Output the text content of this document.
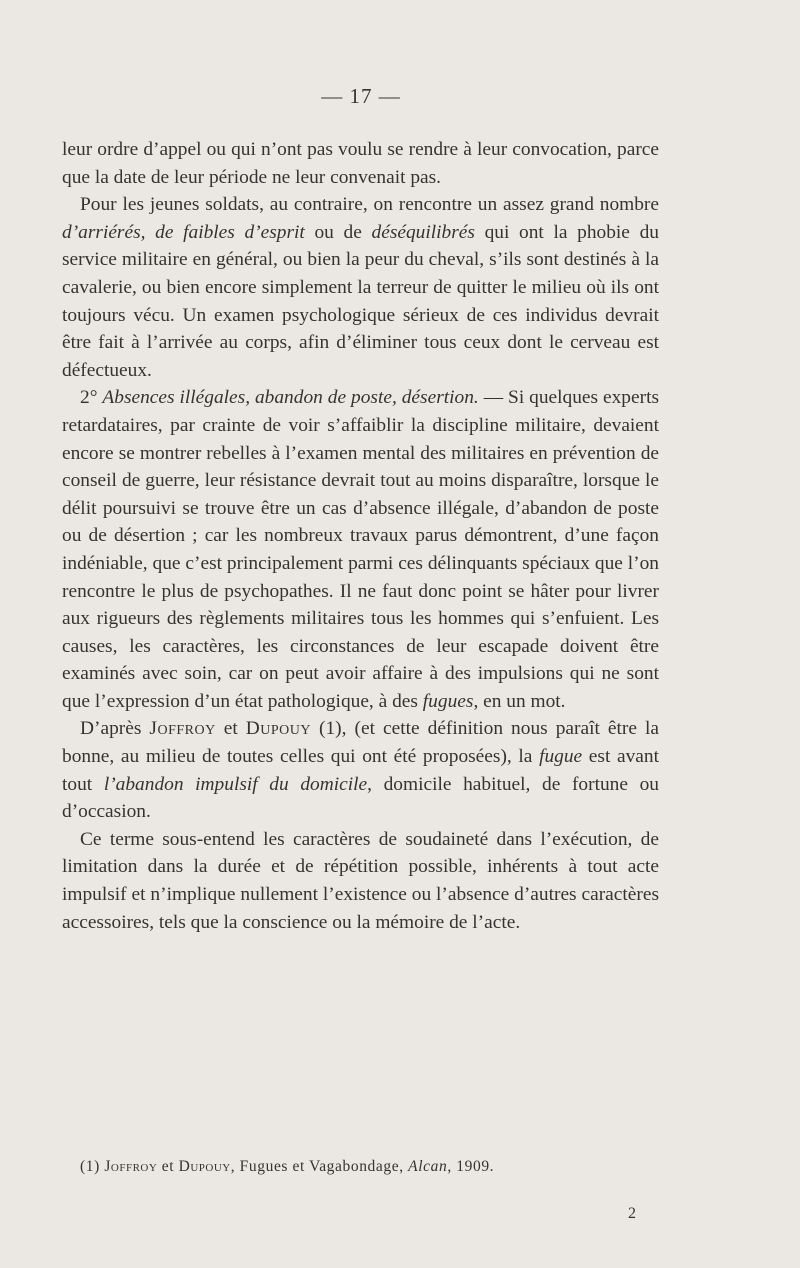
— 17 —

leur ordre d’appel ou qui n’ont pas voulu se rendre à leur convocation, parce que la date de leur période ne leur convenait pas.

Pour les jeunes soldats, au contraire, on rencontre un assez grand nombre d’arriérés, de faibles d’esprit ou de déséquilibrés qui ont la phobie du service militaire en général, ou bien la peur du cheval, s’ils sont destinés à la cavalerie, ou bien encore simplement la terreur de quitter le milieu où ils ont toujours vécu. Un examen psychologique sérieux de ces individus devrait être fait à l’arrivée au corps, afin d’éliminer tous ceux dont le cerveau est défectueux.

2° Absences illégales, abandon de poste, désertion. — Si quelques experts retardataires, par crainte de voir s’affaiblir la discipline militaire, devaient encore se montrer rebelles à l’examen mental des militaires en prévention de conseil de guerre, leur résistance devrait tout au moins disparaître, lorsque le délit poursuivi se trouve être un cas d’absence illégale, d’abandon de poste ou de désertion ; car les nombreux travaux parus démontrent, d’une façon indéniable, que c’est principalement parmi ces délinquants spéciaux que l’on rencontre le plus de psychopathes. Il ne faut donc point se hâter pour livrer aux rigueurs des règlements militaires tous les hommes qui s’enfuient. Les causes, les caractères, les circonstances de leur escapade doivent être examinés avec soin, car on peut avoir affaire à des impulsions qui ne sont que l’expression d’un état pathologique, à des fugues, en un mot.

D’après Joffroy et Dupouy (1), (et cette définition nous paraît être la bonne, au milieu de toutes celles qui ont été proposées), la fugue est avant tout l’abandon impulsif du domicile, domicile habituel, de fortune ou d’occasion.

Ce terme sous-entend les caractères de soudaineté dans l’exécution, de limitation dans la durée et de répétition possible, inhérents à tout acte impulsif et n’implique nullement l’existence ou l’absence d’autres caractères accessoires, tels que la conscience ou la mémoire de l’acte.

(1) Joffroy et Dupouy, Fugues et Vagabondage, Alcan, 1909.
2
